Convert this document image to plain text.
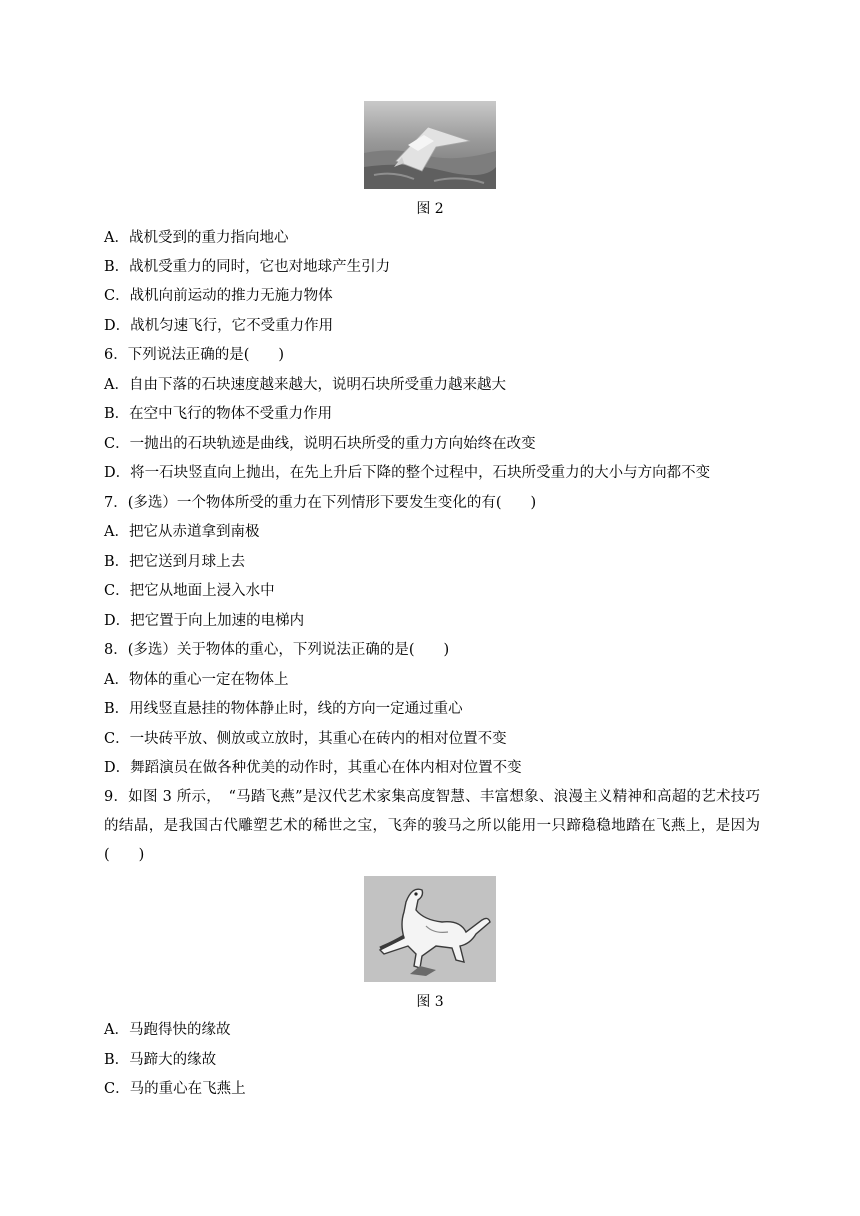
图 2
A．战机受到的重力指向地心
B．战机受重力的同时，它也对地球产生引力
C．战机向前运动的推力无施力物体
D．战机匀速飞行，它不受重力作用
6．下列说法正确的是(　　)
A．自由下落的石块速度越来越大，说明石块所受重力越来越大
B．在空中飞行的物体不受重力作用
C．一抛出的石块轨迹是曲线，说明石块所受的重力方向始终在改变
D．将一石块竖直向上抛出，在先上升后下降的整个过程中，石块所受重力的大小与方向都不变
7．(多选）一个物体所受的重力在下列情形下要发生变化的有(　　)
A．把它从赤道拿到南极
B．把它送到月球上去
C．把它从地面上浸入水中
D．把它置于向上加速的电梯内
8．(多选）关于物体的重心，下列说法正确的是(　　)
A．物体的重心一定在物体上
B．用线竖直悬挂的物体静止时，线的方向一定通过重心
C．一块砖平放、侧放或立放时，其重心在砖内的相对位置不变
D．舞蹈演员在做各种优美的动作时，其重心在体内相对位置不变
9．如图 3 所示，　“马踏飞燕”是汉代艺术家集高度智慧、丰富想象、浪漫主义精神和高超的艺术技巧的结晶，是我国古代雕塑艺术的稀世之宝，飞奔的骏马之所以能用一只蹄稳稳地踏在飞燕上，是因为(　　)
图 3
A．马跑得快的缘故
B．马蹄大的缘故
C．马的重心在飞燕上
